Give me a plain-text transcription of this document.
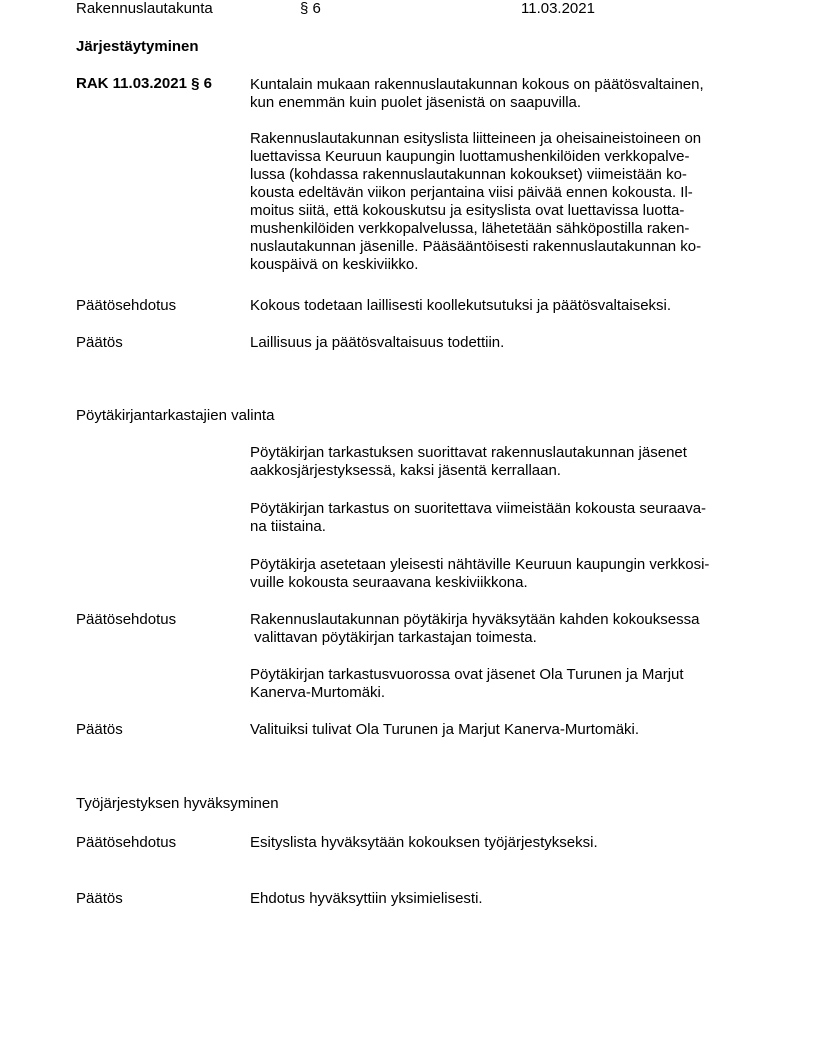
Rakennuslautakunta	§ 6	11.03.2021
Järjestäytyminen
RAK 11.03.2021 § 6	Kuntalain mukaan rakennuslautakunnan kokous on päätösvaltainen,
kun enemmän kuin puolet jäsenistä on saapuvilla.
Rakennuslautakunnan esityslista liitteineen ja oheisaineistoineen on
luettavissa Keuruun kaupungin luottamushenkilöiden verkkopalve-
lussa (kohdassa rakennuslautakunnan kokoukset) viimeistään ko-
kousta edeltävän viikon perjantaina viisi päivää ennen kokousta. Il-
moitus siitä, että kokouskutsu ja esityslista ovat luettavissa luotta-
mushenkilöiden verkkopalvelussa, lähetetään sähköpostilla raken-
nuslautakunnan jäsenille. Pääsääntöisesti rakennuslautakunnan ko-
kouspäivä on keskiviikko.
Päätösehdotus	Kokous todetaan laillisesti koollekutsutuksi ja päätösvaltaiseksi.
Päätös	Laillisuus ja päätösvaltaisuus todettiin.
Pöytäkirjantarkastajien valinta
Pöytäkirjan tarkastuksen suorittavat rakennuslautakunnan jäsenet
aakkosjärjestyksessä, kaksi jäsentä kerrallaan.
Pöytäkirjan tarkastus on suoritettava viimeistään kokousta seuraava-
na tiistaina.
Pöytäkirja asetetaan yleisesti nähtäville Keuruun kaupungin verkkosi-
vuille kokousta seuraavana keskiviikkona.
Päätösehdotus	Rakennuslautakunnan pöytäkirja hyväksytään kahden kokouksessa
valittavan pöytäkirjan tarkastajan toimesta.
Pöytäkirjan tarkastusvuorossa ovat jäsenet Ola Turunen ja Marjut
Kanerva-Murtomäki.
Päätös	Valituiksi tulivat Ola Turunen ja Marjut Kanerva-Murtomäki.
Työjärjestyksen hyväksyminen
Päätösehdotus	Esityslista hyväksytään kokouksen työjärjestykseksi.
Päätös	Ehdotus hyväksyttiin yksimielisesti.
